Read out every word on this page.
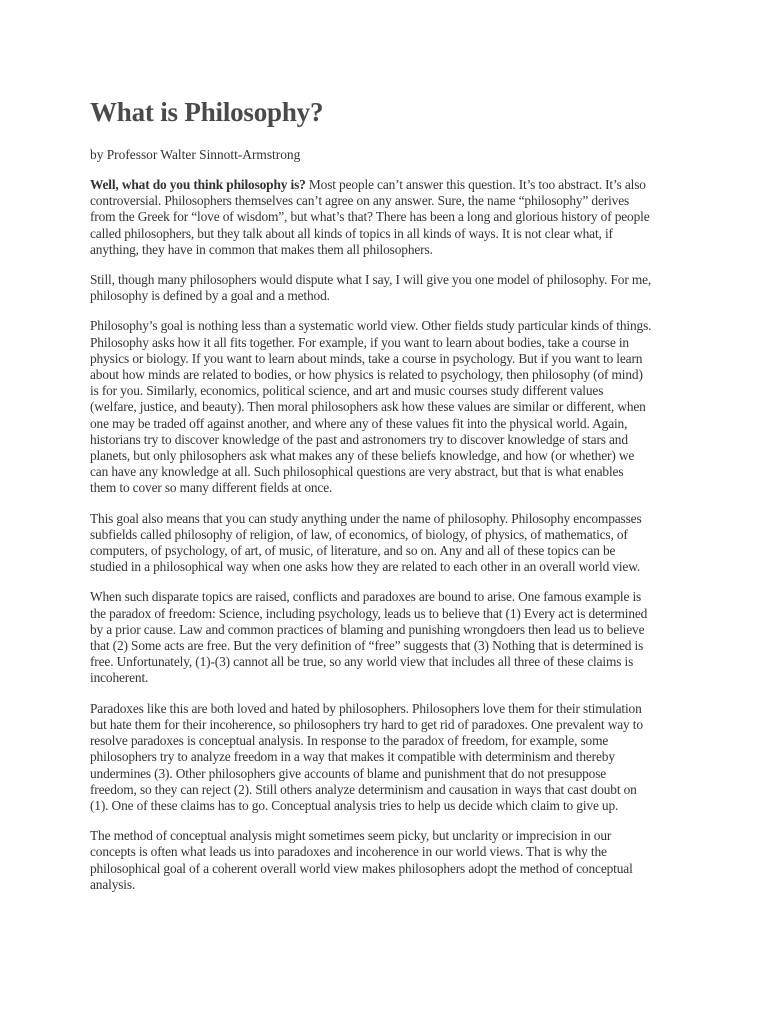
What is Philosophy?

by Professor Walter Sinnott-Armstrong

Well, what do you think philosophy is? Most people can’t answer this question. It’s too abstract. It’s also controversial. Philosophers themselves can’t agree on any answer. Sure, the name “philosophy” derives from the Greek for “love of wisdom”, but what’s that? There has been a long and glorious history of people called philosophers, but they talk about all kinds of topics in all kinds of ways. It is not clear what, if anything, they have in common that makes them all philosophers.

Still, though many philosophers would dispute what I say, I will give you one model of philosophy. For me, philosophy is defined by a goal and a method.

Philosophy’s goal is nothing less than a systematic world view. Other fields study particular kinds of things. Philosophy asks how it all fits together. For example, if you want to learn about bodies, take a course in physics or biology. If you want to learn about minds, take a course in psychology. But if you want to learn about how minds are related to bodies, or how physics is related to psychology, then philosophy (of mind) is for you. Similarly, economics, political science, and art and music courses study different values (welfare, justice, and beauty). Then moral philosophers ask how these values are similar or different, when one may be traded off against another, and where any of these values fit into the physical world. Again, historians try to discover knowledge of the past and astronomers try to discover knowledge of stars and planets, but only philosophers ask what makes any of these beliefs knowledge, and how (or whether) we can have any knowledge at all. Such philosophical questions are very abstract, but that is what enables them to cover so many different fields at once.

This goal also means that you can study anything under the name of philosophy. Philosophy encompasses subfields called philosophy of religion, of law, of economics, of biology, of physics, of mathematics, of computers, of psychology, of art, of music, of literature, and so on. Any and all of these topics can be studied in a philosophical way when one asks how they are related to each other in an overall world view.

When such disparate topics are raised, conflicts and paradoxes are bound to arise. One famous example is the paradox of freedom: Science, including psychology, leads us to believe that (1) Every act is determined by a prior cause. Law and common practices of blaming and punishing wrongdoers then lead us to believe that (2) Some acts are free. But the very definition of “free” suggests that (3) Nothing that is determined is free. Unfortunately, (1)-(3) cannot all be true, so any world view that includes all three of these claims is incoherent.

Paradoxes like this are both loved and hated by philosophers. Philosophers love them for their stimulation but hate them for their incoherence, so philosophers try hard to get rid of paradoxes. One prevalent way to resolve paradoxes is conceptual analysis. In response to the paradox of freedom, for example, some philosophers try to analyze freedom in a way that makes it compatible with determinism and thereby undermines (3). Other philosophers give accounts of blame and punishment that do not presuppose freedom, so they can reject (2). Still others analyze determinism and causation in ways that cast doubt on (1). One of these claims has to go. Conceptual analysis tries to help us decide which claim to give up.

The method of conceptual analysis might sometimes seem picky, but unclarity or imprecision in our concepts is often what leads us into paradoxes and incoherence in our world views. That is why the philosophical goal of a coherent overall world view makes philosophers adopt the method of conceptual analysis.
